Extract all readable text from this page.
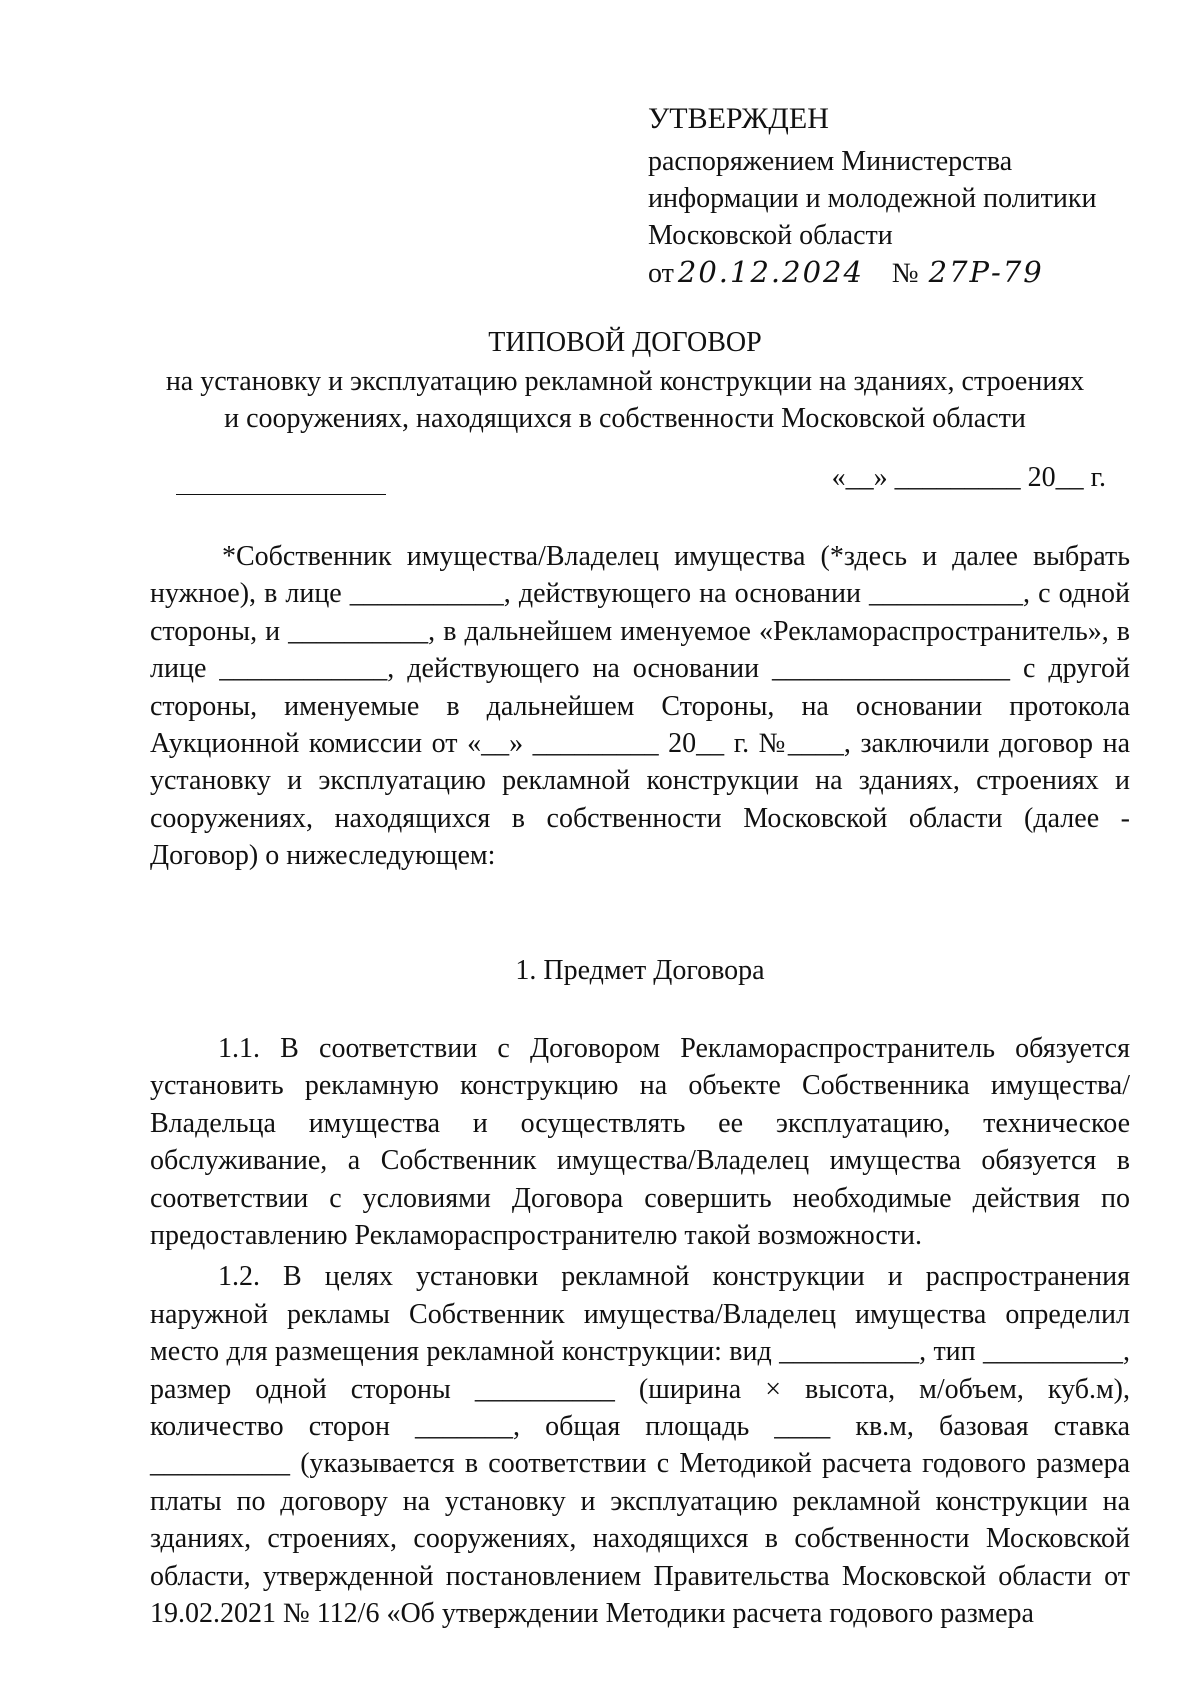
УТВЕРЖДЕН
распоряжением Министерства
информации и молодежной политики
Московской области
от 20.12.2024 № 27Р-79
ТИПОВОЙ ДОГОВОР
на установку и эксплуатацию рекламной конструкции на зданиях, строениях
и сооружениях, находящихся в собственности Московской области
«__» _________ 20__ г.

*Собственник имущества/Владелец имущества (*здесь и далее выбрать нужное), в лице ___________, действующего на основании ___________, с одной стороны, и __________, в дальнейшем именуемое «Рекламораспространитель», в лице ____________, действующего на основании _________________ с другой стороны, именуемые в дальнейшем Стороны, на основании протокола Аукционной комиссии от «__» _________ 20__ г. №____, заключили договор на установку и эксплуатацию рекламной конструкции на зданиях, строениях и сооружениях, находящихся в собственности Московской области (далее - Договор) о нижеследующем:

1. Предмет Договора

1.1. В соответствии с Договором Рекламораспространитель обязуется установить рекламную конструкцию на объекте Собственника имущества/Владельца имущества и осуществлять ее эксплуатацию, техническое обслуживание, а Собственник имущества/Владелец имущества обязуется в соответствии с условиями Договора совершить необходимые действия по предоставлению Рекламораспространителю такой возможности.

1.2. В целях установки рекламной конструкции и распространения наружной рекламы Собственник имущества/Владелец имущества определил место для размещения рекламной конструкции: вид __________, тип __________, размер одной стороны __________ (ширина × высота, м/объем, куб.м), количество сторон _______, общая площадь ____ кв.м, базовая ставка __________ (указывается в соответствии с Методикой расчета годового размера платы по договору на установку и эксплуатацию рекламной конструкции на зданиях, строениях, сооружениях, находящихся в собственности Московской области, утвержденной постановлением Правительства Московской области от 19.02.2021 № 112/6 «Об утверждении Методики расчета годового размера
